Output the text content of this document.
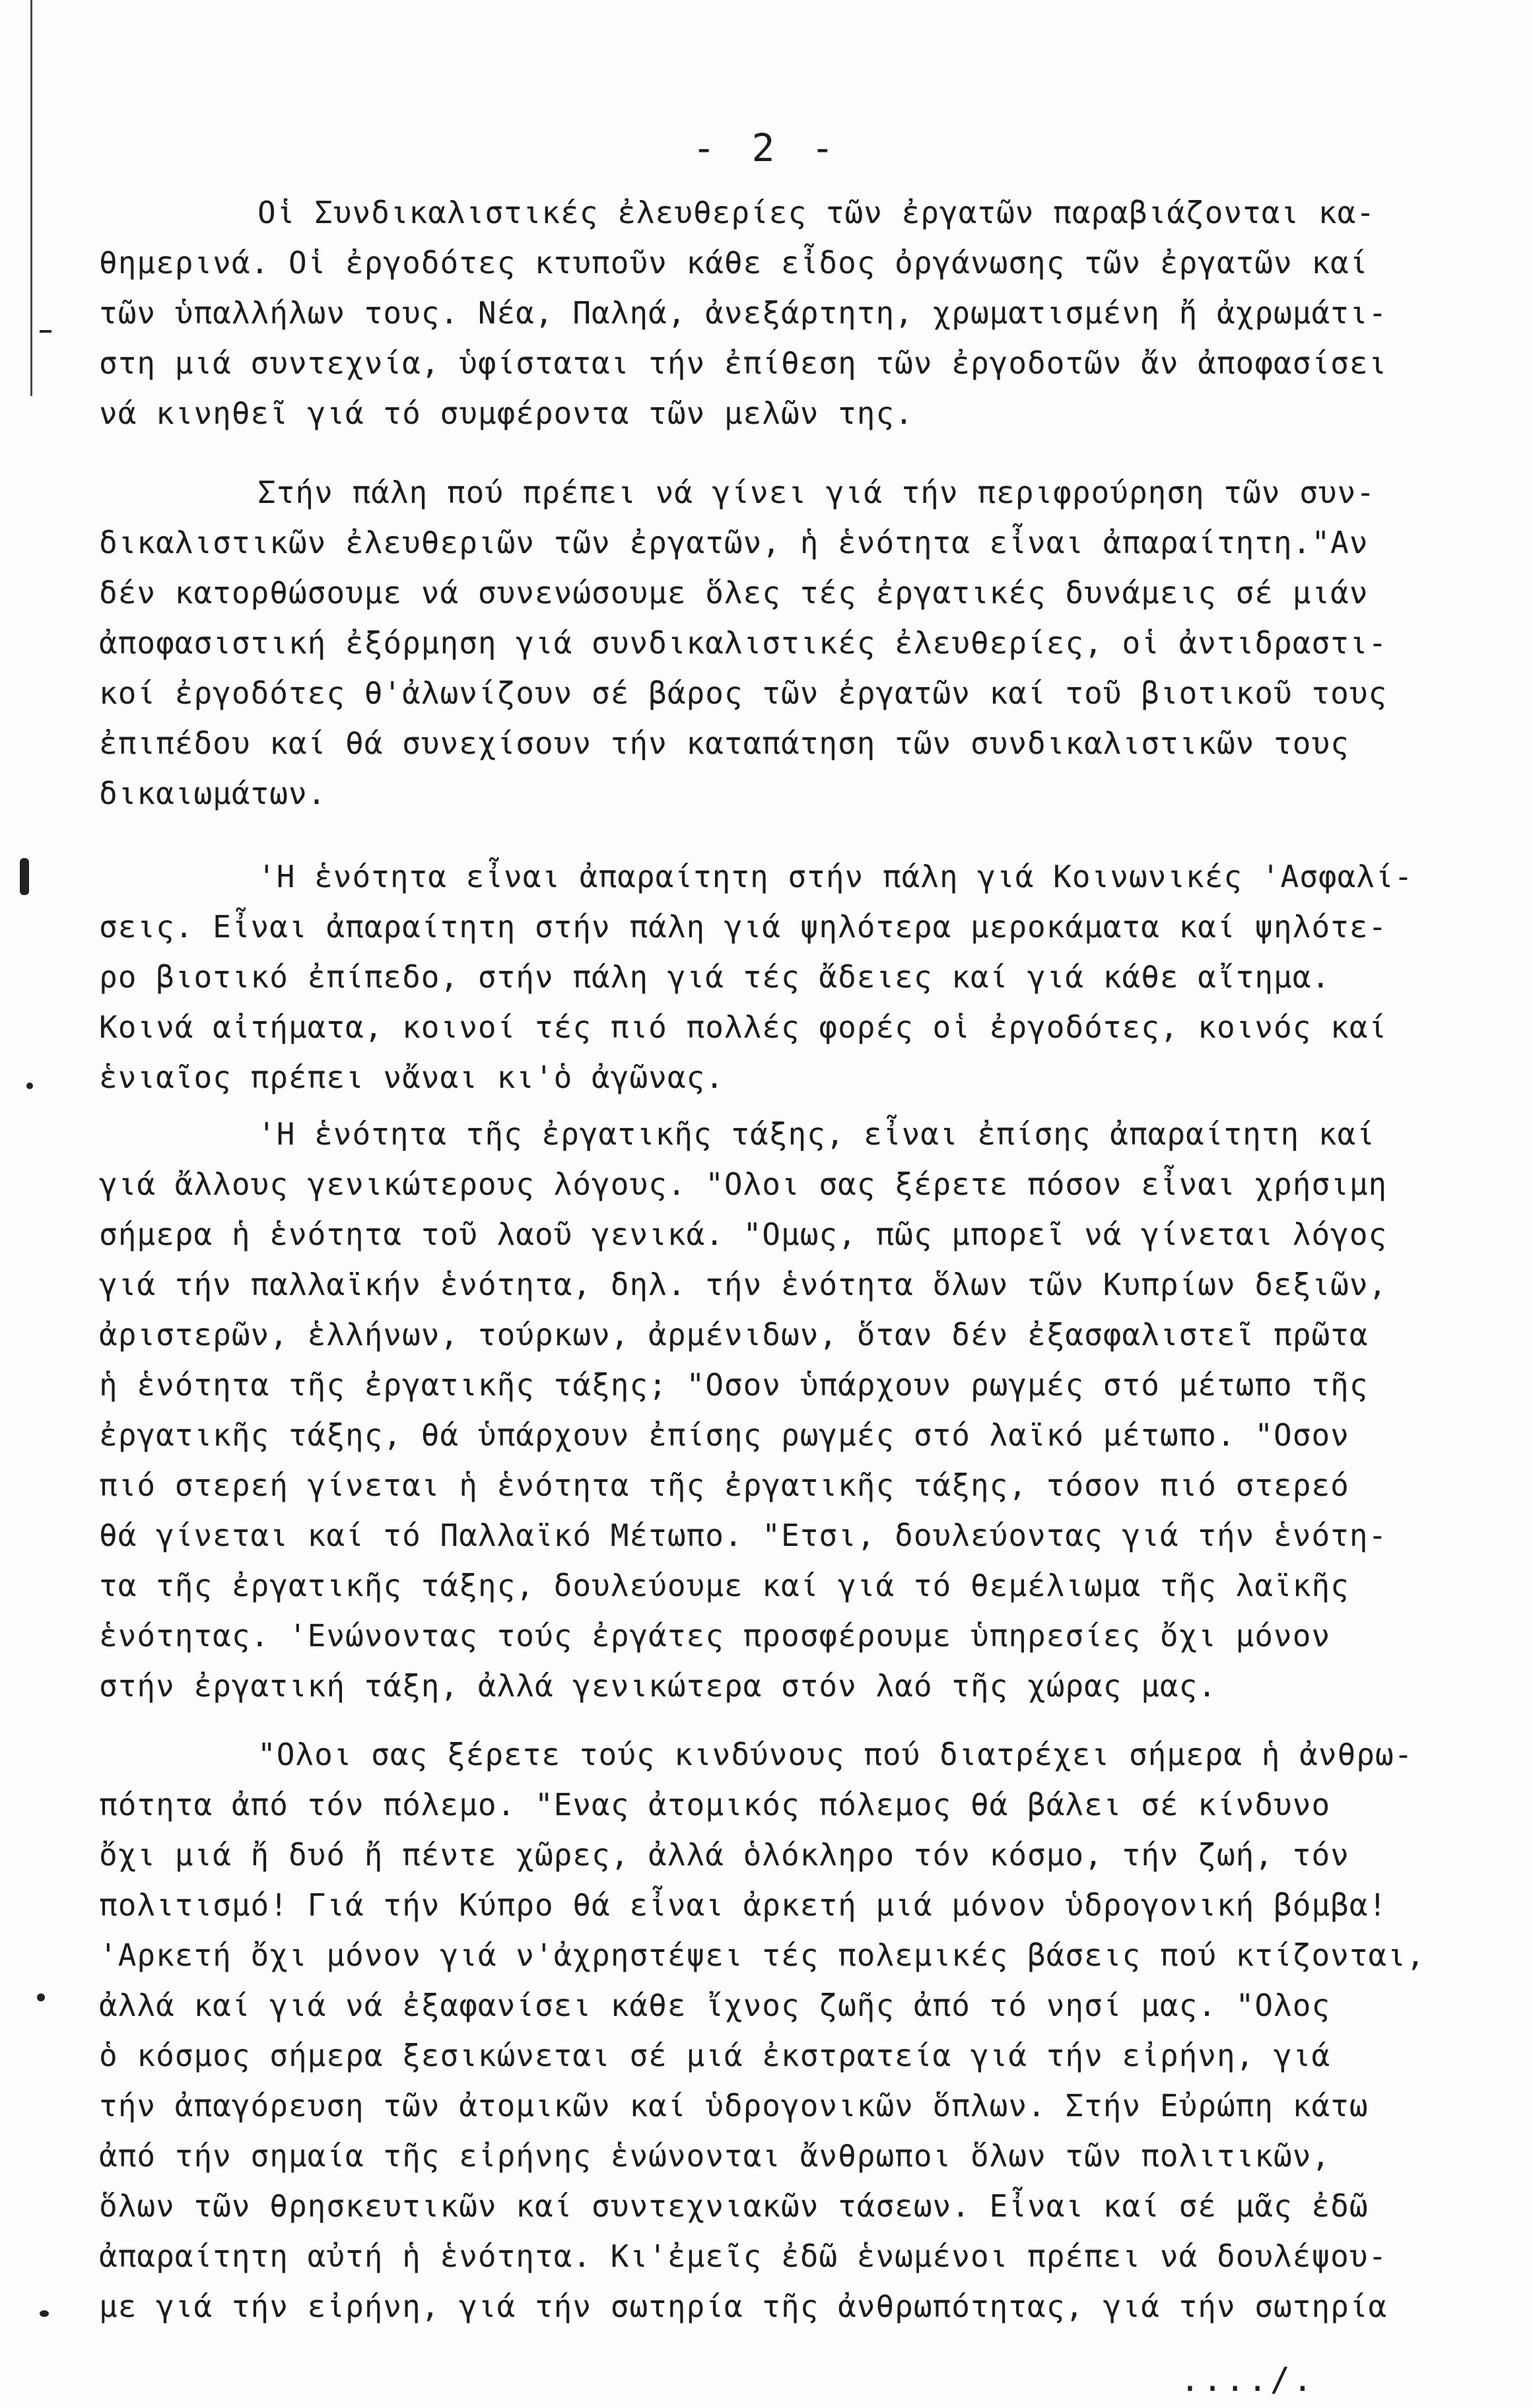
- 2 -
Οἱ Συνδικαλιστικές ἐλευθερίες τῶν ἐργατῶν παραβιάζονται κα-
θημερινά. Οἱ ἐργοδότες κτυποῦν κάθε εἶδος ὀργάνωσης τῶν ἐργατῶν καί
τῶν ὑπαλλήλων τους. Νέα, Παληά, ἀνεξάρτητη, χρωματισμένη ἤ ἀχρωμάτι-
στη μιά συντεχνία, ὑφίσταται τήν ἐπίθεση τῶν ἐργοδοτῶν ἄν ἀποφασίσει
νά κινηθεῖ γιά τό συμφέροντα τῶν μελῶν της.
Στήν πάλη πού πρέπει νά γίνει γιά τήν περιφρούρηση τῶν συν-
δικαλιστικῶν ἐλευθεριῶν τῶν ἐργατῶν, ἡ ἑνότητα εἶναι ἀπαραίτητη."Αν
δέν κατορθώσουμε νά συνενώσουμε ὅλες τές ἐργατικές δυνάμεις σέ μιάν
ἀποφασιστική ἐξόρμηση γιά συνδικαλιστικές ἐλευθερίες, οἱ ἀντιδραστι-
κοί ἐργοδότες θ'ἀλωνίζουν σέ βάρος τῶν ἐργατῶν καί τοῦ βιοτικοῦ τους
ἐπιπέδου καί θά συνεχίσουν τήν καταπάτηση τῶν συνδικαλιστικῶν τους
δικαιωμάτων.
'Η ἑνότητα εἶναι ἀπαραίτητη στήν πάλη γιά Κοινωνικές 'Ασφαλί-
σεις. Εἶναι ἀπαραίτητη στήν πάλη γιά ψηλότερα μεροκάματα καί ψηλότε-
ρο βιοτικό ἐπίπεδο, στήν πάλη γιά τές ἄδειες καί γιά κάθε αἴτημα.
Κοινά αἰτήματα, κοινοί τές πιό πολλές φορές οἱ ἐργοδότες, κοινός καί
ἑνιαῖος πρέπει νἄναι κι'ὁ ἀγῶνας.
'Η ἑνότητα τῆς ἐργατικῆς τάξης, εἶναι ἐπίσης ἀπαραίτητη καί
γιά ἄλλους γενικώτερους λόγους. "Ολοι σας ξέρετε πόσον εἶναι χρήσιμη
σήμερα ἡ ἑνότητα τοῦ λαοῦ γενικά. "Ομως, πῶς μπορεῖ νά γίνεται λόγος
γιά τήν παλλαϊκήν ἑνότητα, δηλ. τήν ἑνότητα ὅλων τῶν Κυπρίων δεξιῶν,
ἀριστερῶν, ἑλλήνων, τούρκων, ἀρμένιδων, ὅταν δέν ἐξασφαλιστεῖ πρῶτα
ἡ ἑνότητα τῆς ἐργατικῆς τάξης; "Οσον ὑπάρχουν ρωγμές στό μέτωπο τῆς
ἐργατικῆς τάξης, θά ὑπάρχουν ἐπίσης ρωγμές στό λαϊκό μέτωπο. "Οσον
πιό στερεή γίνεται ἡ ἑνότητα τῆς ἐργατικῆς τάξης, τόσον πιό στερεό
θά γίνεται καί τό Παλλαϊκό Μέτωπο. "Ετσι, δουλεύοντας γιά τήν ἑνότη-
τα τῆς ἐργατικῆς τάξης, δουλεύουμε καί γιά τό θεμέλιωμα τῆς λαϊκῆς
ἑνότητας. 'Ενώνοντας τούς ἐργάτες προσφέρουμε ὑπηρεσίες ὄχι μόνον
στήν ἐργατική τάξη, ἀλλά γενικώτερα στόν λαό τῆς χώρας μας.
"Ολοι σας ξέρετε τούς κινδύνους πού διατρέχει σήμερα ἡ ἀνθρω-
πότητα ἀπό τόν πόλεμο. "Ενας ἀτομικός πόλεμος θά βάλει σέ κίνδυνο
ὄχι μιά ἤ δυό ἤ πέντε χῶρες, ἀλλά ὁλόκληρο τόν κόσμο, τήν ζωή, τόν
πολιτισμό! Γιά τήν Κύπρο θά εἶναι ἀρκετή μιά μόνον ὑδρογονική βόμβα!
'Αρκετή ὄχι μόνον γιά ν'ἀχρηστέψει τές πολεμικές βάσεις πού κτίζονται,
ἀλλά καί γιά νά ἐξαφανίσει κάθε ἴχνος ζωῆς ἀπό τό νησί μας. "Ολος
ὁ κόσμος σήμερα ξεσικώνεται σέ μιά ἐκστρατεία γιά τήν εἰρήνη, γιά
τήν ἀπαγόρευση τῶν ἀτομικῶν καί ὑδρογονικῶν ὅπλων. Στήν Εὐρώπη κάτω
ἀπό τήν σημαία τῆς εἰρήνης ἑνώνονται ἄνθρωποι ὅλων τῶν πολιτικῶν,
ὅλων τῶν θρησκευτικῶν καί συντεχνιακῶν τάσεων. Εἶναι καί σέ μᾶς ἐδῶ
ἀπαραίτητη αὐτή ἡ ἑνότητα. Κι'ἐμεῖς ἐδῶ ἑνωμένοι πρέπει νά δουλέψου-
με γιά τήν εἰρήνη, γιά τήν σωτηρία τῆς ἀνθρωπότητας, γιά τήν σωτηρία
..../.
